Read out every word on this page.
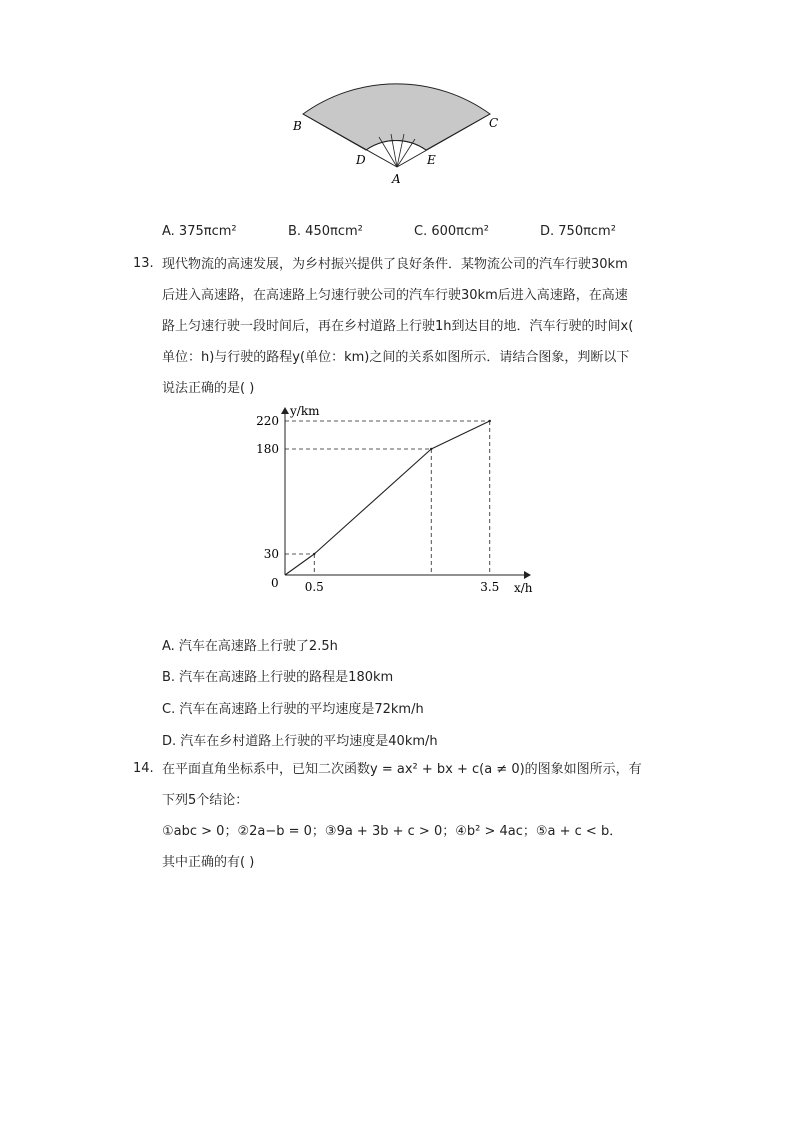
B	C
D	E
A
A. 375πcm²	B. 450πcm²	C. 600πcm²	D. 750πcm²
13. 现代物流的高速发展，为乡村振兴提供了良好条件．某物流公司的汽车行驶30km
后进入高速路，在高速路上匀速行驶公司的汽车行驶30km后进入高速路，在高速
路上匀速行驶一段时间后，再在乡村道路上行驶1h到达目的地．汽车行驶的时间x(
单位：h)与行驶的路程y(单位：km)之间的关系如图所示．请结合图象，判断以下
说法正确的是( )
y/km
x/h
0
30
180
220
0.5	3.5
A. 汽车在高速路上行驶了2.5h
B. 汽车在高速路上行驶的路程是180km
C. 汽车在高速路上行驶的平均速度是72km/h
D. 汽车在乡村道路上行驶的平均速度是40km/h
14. 在平面直角坐标系中，已知二次函数y = ax² + bx + c(a ≠ 0)的图象如图所示，有
下列5个结论：
①abc > 0；②2a−b = 0；③9a + 3b + c > 0；④b² > 4ac；⑤a + c < b．
其中正确的有( )
